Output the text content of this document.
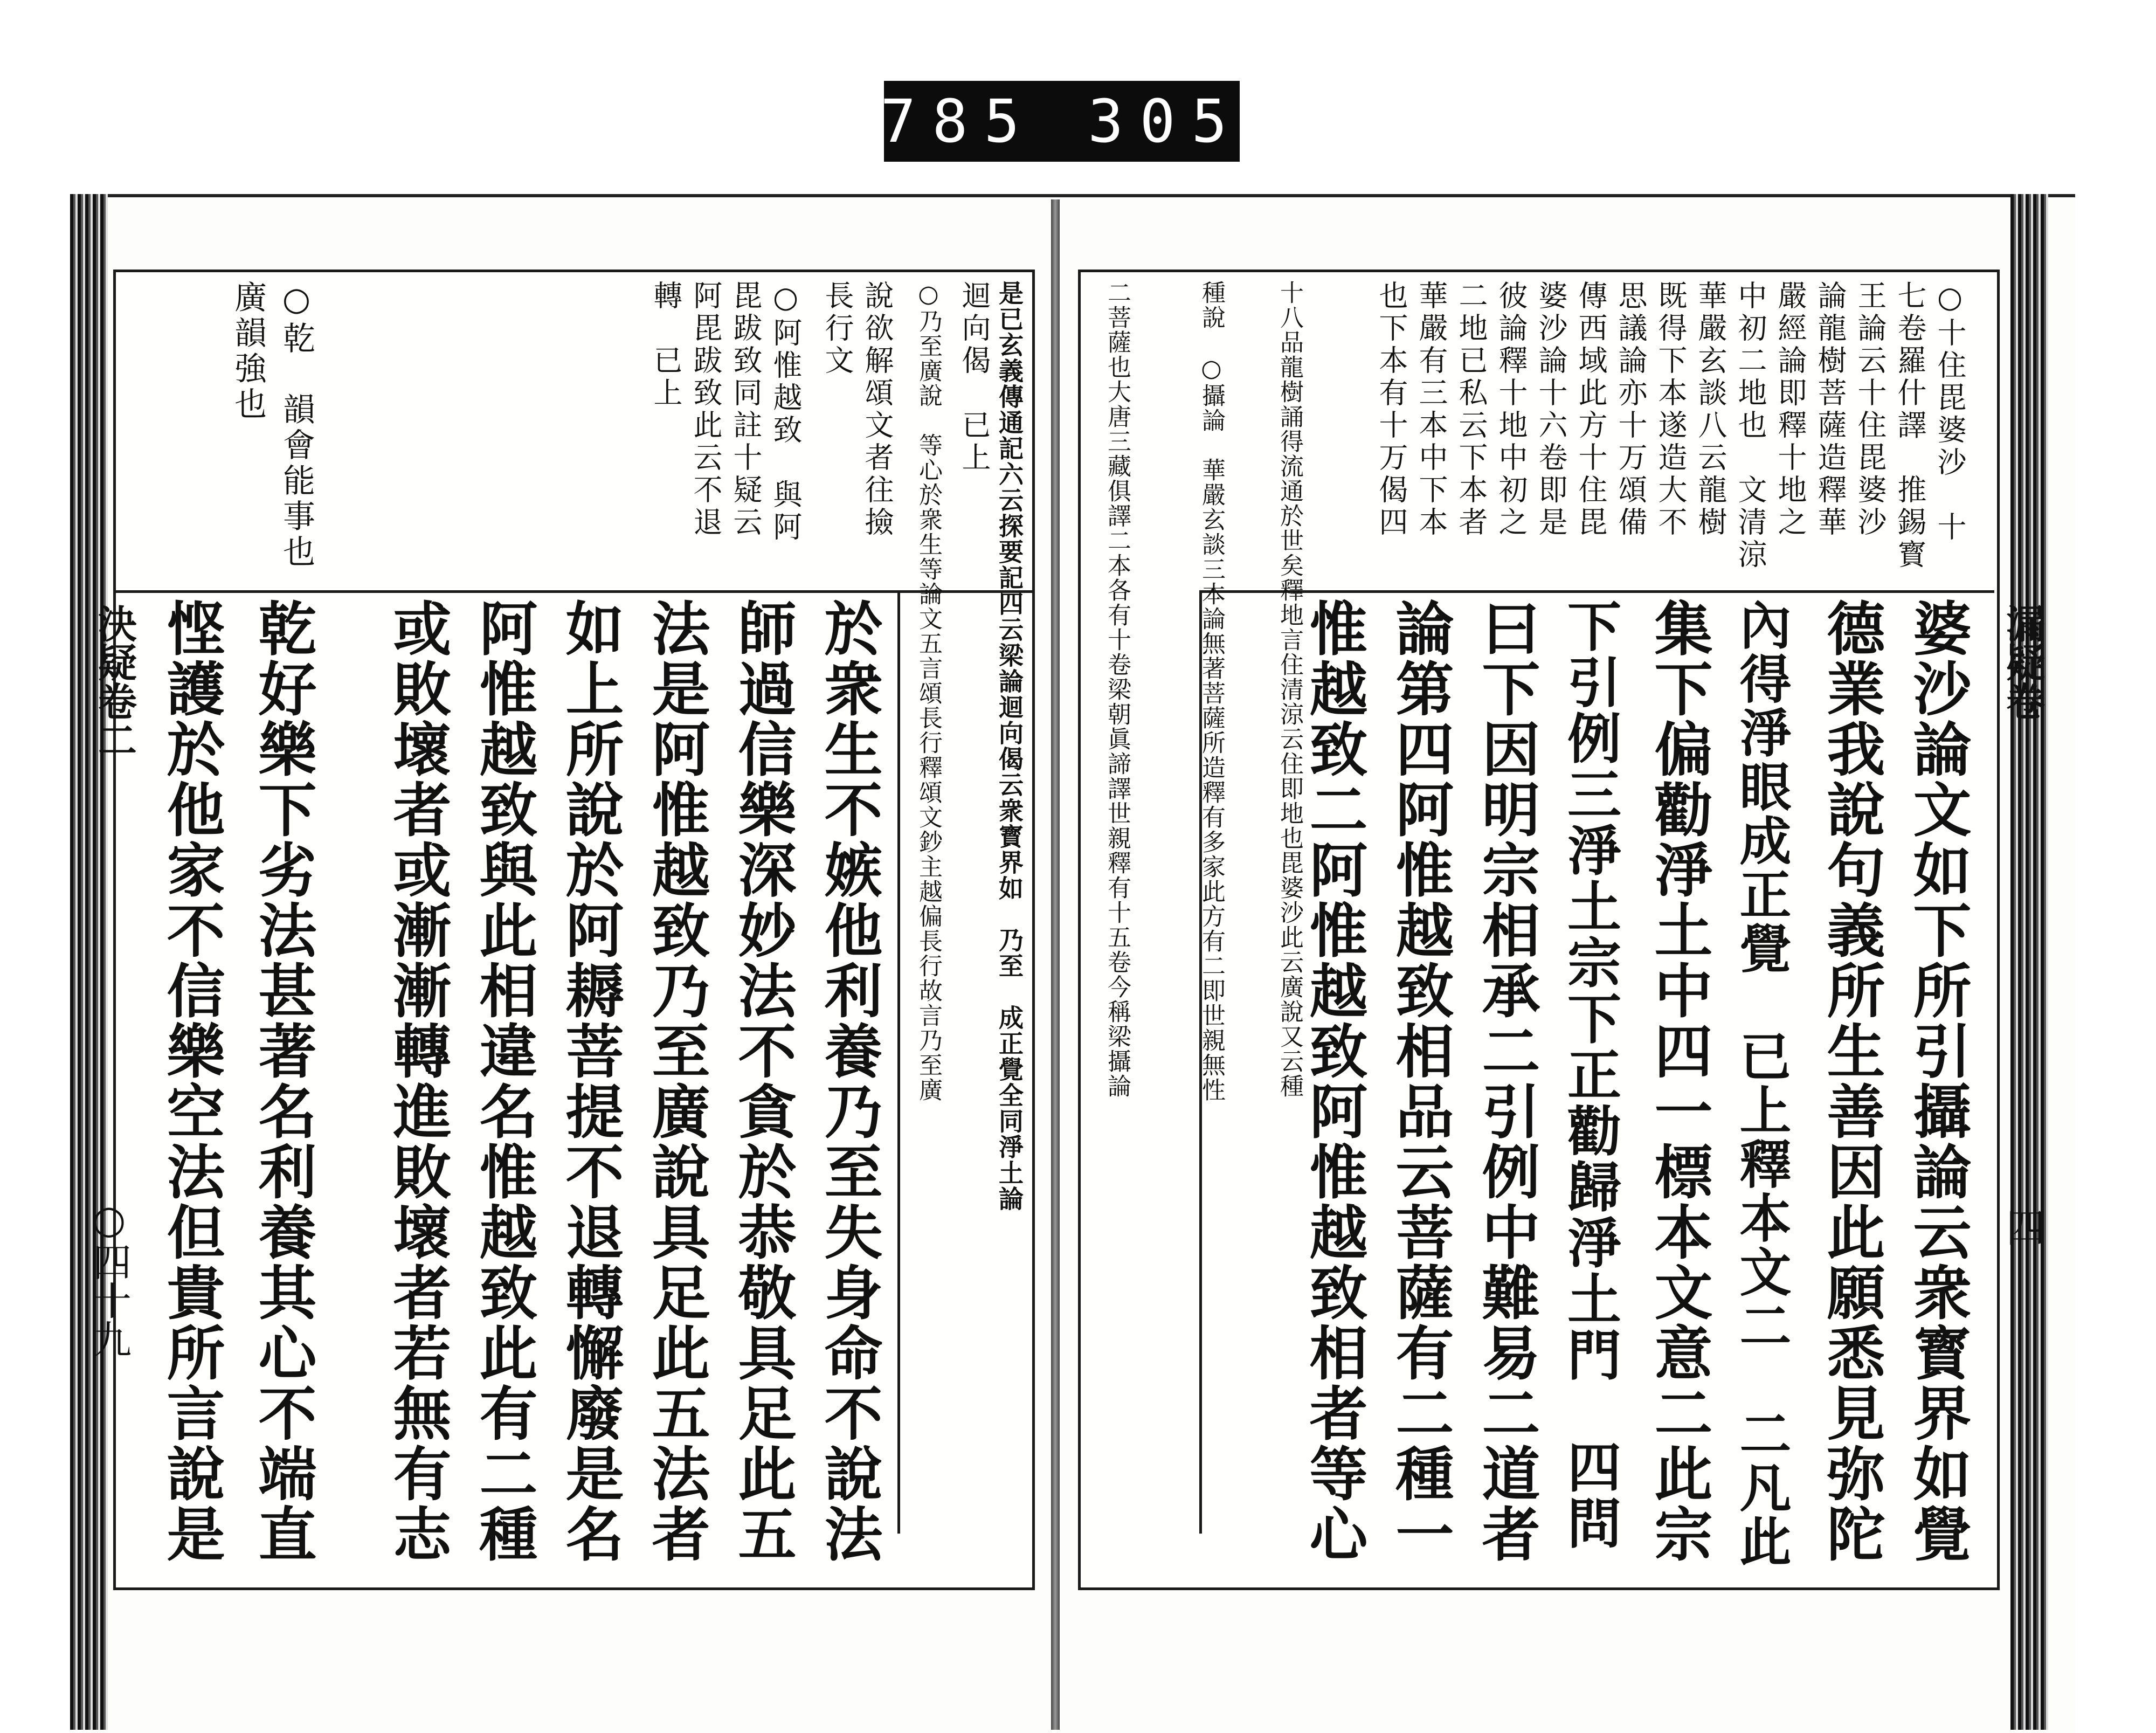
785 305
漏疑卷
四
決疑卷二
○四十九
○十住毘婆沙　十
七卷羅什譯　推錫寳
王論云十住毘婆沙
論龍樹菩薩造釋華
嚴經論即釋十地之
中初二地也　文清涼
華嚴玄談八云龍樹
既得下本遂造大不
思議論亦十万頌備
傳西域此方十住毘
婆沙論十六卷即是
彼論釋十地中初之
二地已私云下本者
華嚴有三本中下本
也下本有十万偈四
十八品龍樹誦得流通於世矣釋地言住清涼云住即地也毘婆沙此云廣說又云種
種說　○攝論　華嚴玄談三本論無著菩薩所造釋有多家此方有二即世親無性
二菩薩也大唐三藏俱譯二本各有十卷梁朝眞諦譯世親釋有十五卷今稱梁攝論	婆沙論文如下所引攝論云衆寳界如覺
德業我說句義所生善因此願悉見弥陀
內得淨眼成正覺　已上釋本文二　二凡此
集下偏勸淨土中四一標本文意二此宗
下引例三淨土宗下正勸歸淨土門　四問
曰下因明宗相承二引例中難易二道者
論第四阿惟越致相品云菩薩有二種一
惟越致二阿惟越致阿惟越致相者等心
是已玄義傳通記六云探要記四云梁論迴向偈云衆寳界如　乃至　成正覺全同淨土論
迴向偈　已上
○乃至廣說　等心於衆生等論文五言頌長行釋頌文鈔主越偏長行故言乃至廣
說欲解頌文者往撿
長行文
○阿惟越致　與阿
毘跋致同註十疑云
阿毘跋致此云不退
轉　已上
○乾　韻會能事也
廣韻強也
於衆生不嫉他利養乃至失身命不說法
師過信樂深妙法不貪於恭敬具足此五
法是阿惟越致乃至廣說具足此五法者
如上所說於阿耨菩提不退轉懈廢是名
阿惟越致與此相違名惟越致此有二種
或敗壞者或漸漸轉進敗壞者若無有志
乾好樂下劣法甚著名利養其心不端直
悭護於他家不信樂空法但貴所言說是
